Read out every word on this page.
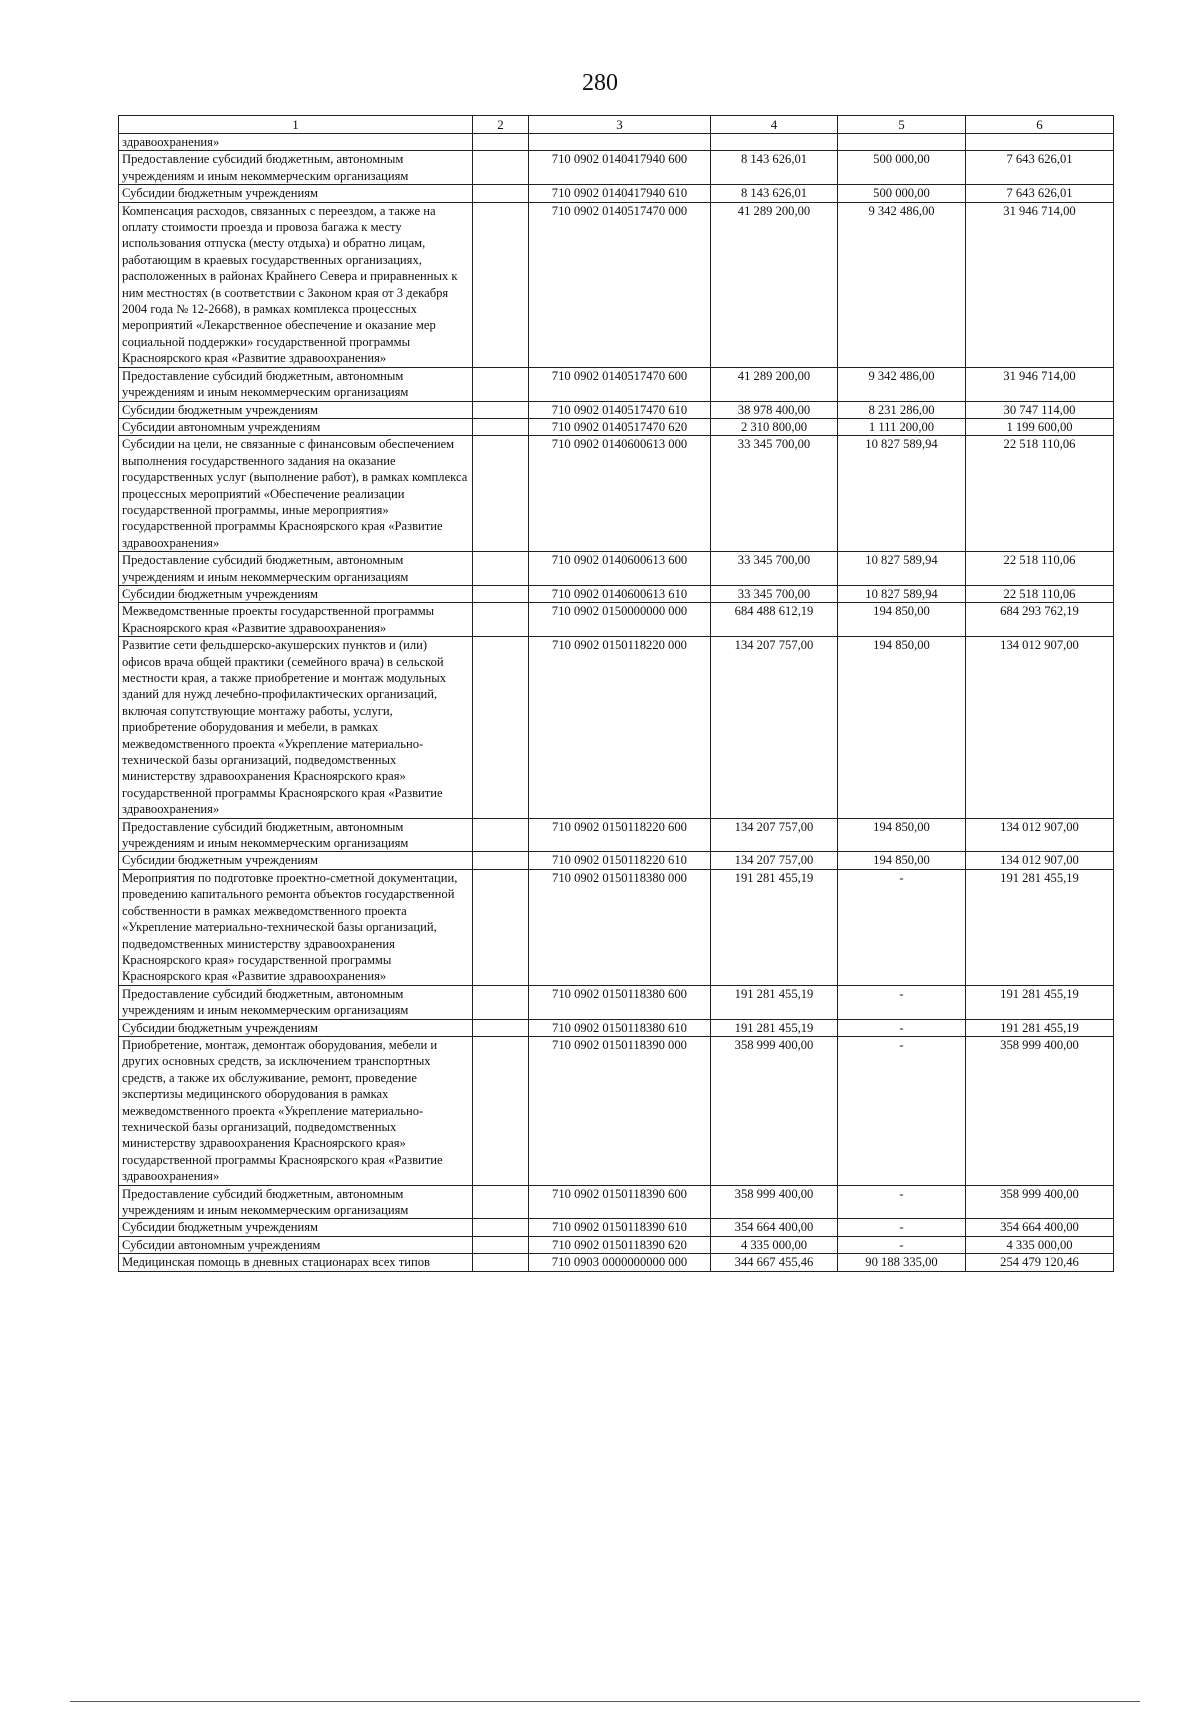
280
1	2	3	4	5	6
здравоохранения»					
Предоставление субсидий бюджетным, автономным учреждениям и иным некоммерческим организациям		710 0902 0140417940 600	8 143 626,01	500 000,00	7 643 626,01
Субсидии бюджетным учреждениям		710 0902 0140417940 610	8 143 626,01	500 000,00	7 643 626,01
Компенсация расходов, связанных с переездом, а также на оплату стоимости проезда и провоза багажа к месту использования отпуска (месту отдыха) и обратно лицам, работающим в краевых государственных организациях, расположенных в районах Крайнего Севера и приравненных к ним местностях (в соответствии с Законом края от 3 декабря 2004 года № 12-2668), в рамках комплекса процессных мероприятий «Лекарственное обеспечение и оказание мер социальной поддержки» государственной программы Красноярского края «Развитие здравоохранения»		710 0902 0140517470 000	41 289 200,00	9 342 486,00	31 946 714,00
Предоставление субсидий бюджетным, автономным учреждениям и иным некоммерческим организациям		710 0902 0140517470 600	41 289 200,00	9 342 486,00	31 946 714,00
Субсидии бюджетным учреждениям		710 0902 0140517470 610	38 978 400,00	8 231 286,00	30 747 114,00
Субсидии автономным учреждениям		710 0902 0140517470 620	2 310 800,00	1 111 200,00	1 199 600,00
Субсидии на цели, не связанные с финансовым обеспечением выполнения государственного задания на оказание государственных услуг (выполнение работ), в рамках комплекса процессных мероприятий «Обеспечение реализации государственной программы, иные мероприятия» государственной программы Красноярского края «Развитие здравоохранения»		710 0902 0140600613 000	33 345 700,00	10 827 589,94	22 518 110,06
Предоставление субсидий бюджетным, автономным учреждениям и иным некоммерческим организациям		710 0902 0140600613 600	33 345 700,00	10 827 589,94	22 518 110,06
Субсидии бюджетным учреждениям		710 0902 0140600613 610	33 345 700,00	10 827 589,94	22 518 110,06
Межведомственные проекты государственной программы Красноярского края «Развитие здравоохранения»		710 0902 0150000000 000	684 488 612,19	194 850,00	684 293 762,19
Развитие сети фельдшерско-акушерских пунктов и (или) офисов врача общей практики (семейного врача) в сельской местности края, а также приобретение и монтаж модульных зданий для нужд лечебно-профилактических организаций, включая сопутствующие монтажу работы, услуги, приобретение оборудования и мебели, в рамках межведомственного проекта «Укрепление материально-технической базы организаций, подведомственных министерству здравоохранения Красноярского края» государственной программы Красноярского края «Развитие здравоохранения»		710 0902 0150118220 000	134 207 757,00	194 850,00	134 012 907,00
Предоставление субсидий бюджетным, автономным учреждениям и иным некоммерческим организациям		710 0902 0150118220 600	134 207 757,00	194 850,00	134 012 907,00
Субсидии бюджетным учреждениям		710 0902 0150118220 610	134 207 757,00	194 850,00	134 012 907,00
Мероприятия по подготовке проектно-сметной документации, проведению капитального ремонта объектов государственной собственности в рамках межведомственного проекта «Укрепление материально-технической базы организаций, подведомственных министерству здравоохранения Красноярского края» государственной программы Красноярского края «Развитие здравоохранения»		710 0902 0150118380 000	191 281 455,19	-	191 281 455,19
Предоставление субсидий бюджетным, автономным учреждениям и иным некоммерческим организациям		710 0902 0150118380 600	191 281 455,19	-	191 281 455,19
Субсидии бюджетным учреждениям		710 0902 0150118380 610	191 281 455,19	-	191 281 455,19
Приобретение, монтаж, демонтаж оборудования, мебели и других основных средств, за исключением транспортных средств, а также их обслуживание, ремонт, проведение экспертизы медицинского оборудования в рамках межведомственного проекта «Укрепление материально-технической базы организаций, подведомственных министерству здравоохранения Красноярского края» государственной программы Красноярского края «Развитие здравоохранения»		710 0902 0150118390 000	358 999 400,00	-	358 999 400,00
Предоставление субсидий бюджетным, автономным учреждениям и иным некоммерческим организациям		710 0902 0150118390 600	358 999 400,00	-	358 999 400,00
Субсидии бюджетным учреждениям		710 0902 0150118390 610	354 664 400,00	-	354 664 400,00
Субсидии автономным учреждениям		710 0902 0150118390 620	4 335 000,00	-	4 335 000,00
Медицинская помощь в дневных стационарах всех типов		710 0903 0000000000 000	344 667 455,46	90 188 335,00	254 479 120,46
